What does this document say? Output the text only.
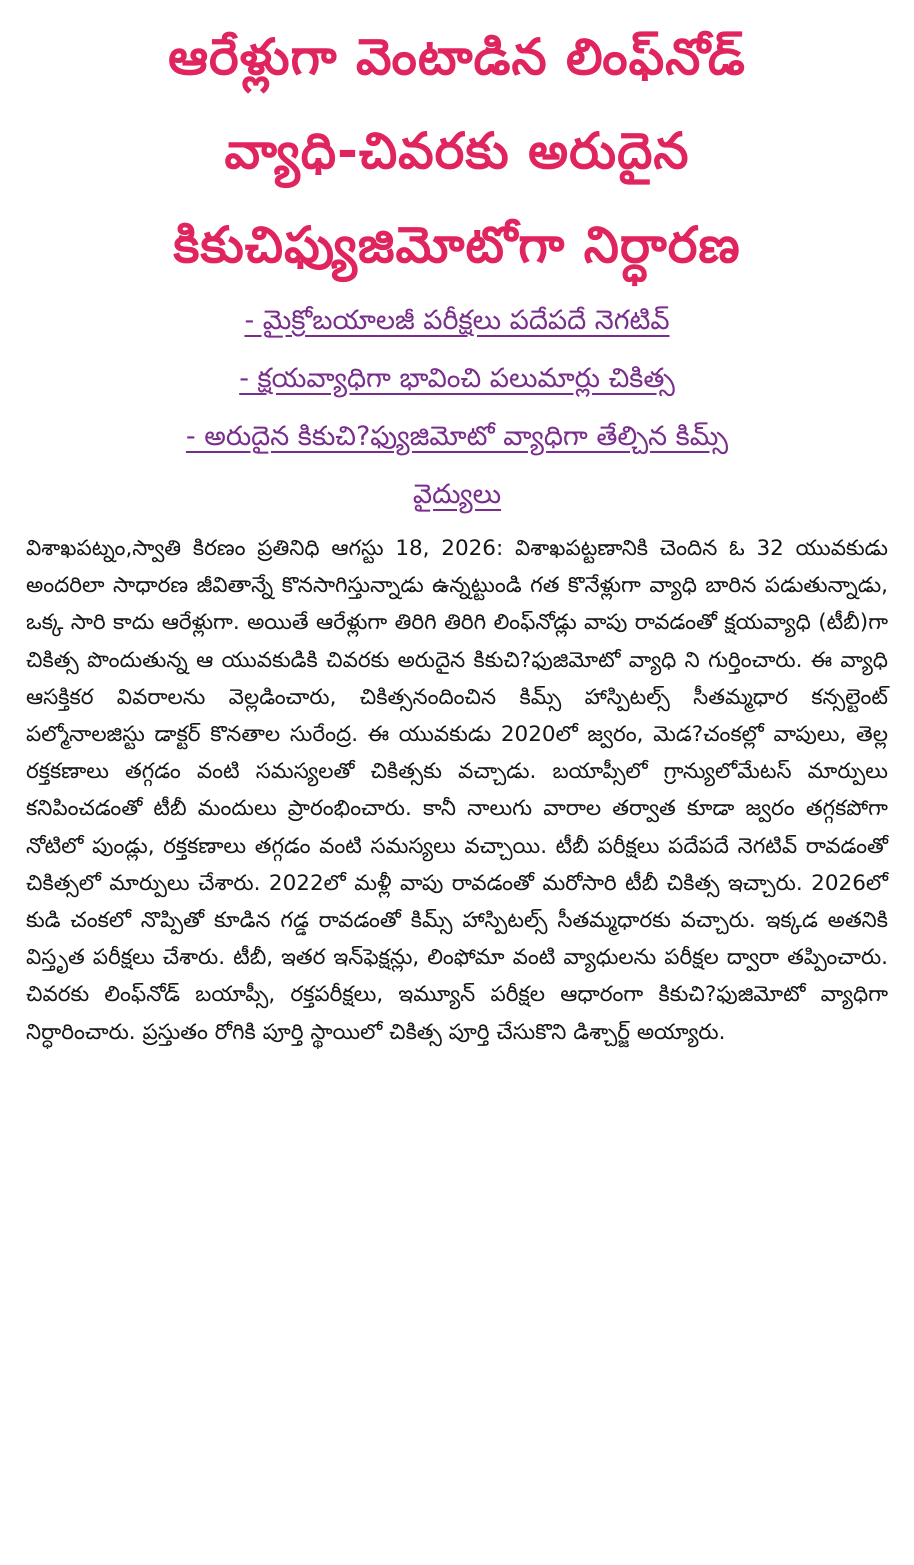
ఆరేళ్లుగా వెంటాడిన లింఫ్‌నోడ్
వ్యాధి-చివరకు అరుదైన
కికుచిఫ్యుజిమోటోగా నిర్ధారణ
- మైక్రోబయాలజీ పరీక్షలు పదేపదే నెగటివ్
- క్షయవ్యాధిగా భావించి పలుమార్లు చికిత్స
- అరుదైన కికుచి?ఫ్యుజిమోటో వ్యాధిగా తేల్చిన కిమ్స్
వైద్యులు

విశాఖపట్నం,స్వాతి కిరణం ప్రతినిధి ఆగస్టు 18, 2026: విశాఖపట్టణానికి చెందిన ఓ 32 యువకుడు అందరిలా సాధారణ జీవితాన్నే కొనసాగిస్తున్నాడు ఉన్నట్టుండి గత కొనేళ్లుగా వ్యాధి బారిన పడుతున్నాడు, ఒక్క సారి కాదు ఆరేళ్లుగా. అయితే ఆరేళ్లుగా తిరిగి తిరిగి లింఫ్‌నోడ్లు వాపు రావడంతో క్షయవ్యాధి (టీబీ)గా చికిత్స పొందుతున్న ఆ యువకుడికి చివరకు అరుదైన కికుచి?ఫుజిమోటో వ్యాధి ని గుర్తించారు. ఈ వ్యాధి ఆసక్తికర వివరాలను వెల్లడించారు, చికిత్సనందించిన కిమ్స్ హాస్పిటల్స్ సీతమ్మధార కన్సల్టెంట్ పల్మోనాలజిస్టు డాక్టర్ కొనతాల సురేంద్ర. ఈ యువకుడు 2020లో జ్వరం, మెడ?చంకల్లో వాపులు, తెల్ల రక్తకణాలు తగ్గడం వంటి సమస్యలతో చికిత్సకు వచ్చాడు. బయాప్సీలో గ్రాన్యులోమేటస్ మార్పులు కనిపించడంతో టీబీ మందులు ప్రారంభించారు. కానీ నాలుగు వారాల తర్వాత కూడా జ్వరం తగ్గకపోగా నోటిలో పుండ్లు, రక్తకణాలు తగ్గడం వంటి సమస్యలు వచ్చాయి. టీబీ పరీక్షలు పదేపదే నెగటివ్ రావడంతో చికిత్సలో మార్పులు చేశారు. 2022లో మళ్లీ వాపు రావడంతో మరోసారి టీబీ చికిత్స ఇచ్చారు. 2026లో కుడి చంకలో నొప్పితో కూడిన గడ్డ రావడంతో కిమ్స్ హాస్పిటల్స్ సీతమ్మధారకు వచ్చారు. ఇక్కడ అతనికి విస్తృత పరీక్షలు చేశారు. టీబీ, ఇతర ఇన్‌ఫెక్షన్లు, లింఫోమా వంటి వ్యాధులను పరీక్షల ద్వారా తప్పించారు. చివరకు లింఫ్‌నోడ్ బయాప్సీ, రక్తపరీక్షలు, ఇమ్యూన్ పరీక్షల ఆధారంగా కికుచి?ఫుజిమోటో వ్యాధిగా నిర్ధారించారు. ప్రస్తుతం రోగికి పూర్తి స్థాయిలో చికిత్స పూర్తి చేసుకొని డిశ్చార్జ్ అయ్యారు.
